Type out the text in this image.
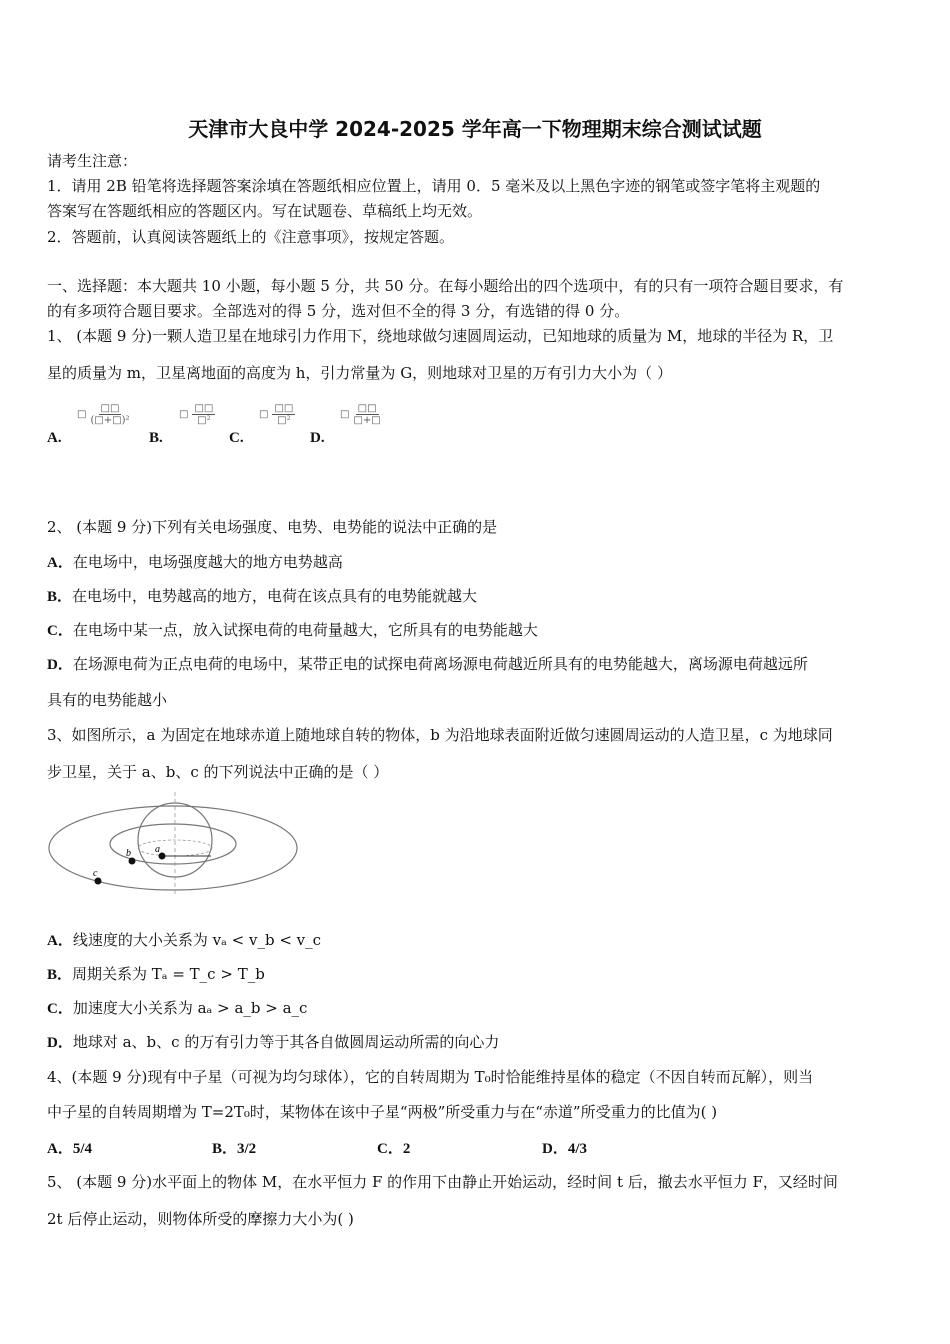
天津市大良中学 2024-2025 学年高一下物理期末综合测试试题
请考生注意：
1．请用 2B 铅笔将选择题答案涂填在答题纸相应位置上，请用 0．5 毫米及以上黑色字迹的钢笔或签字笔将主观题的
答案写在答题纸相应的答题区内。写在试题卷、草稿纸上均无效。
2．答题前，认真阅读答题纸上的《注意事项》，按规定答题。
一、选择题：本大题共 10 小题，每小题 5 分，共 50 分。在每小题给出的四个选项中，有的只有一项符合题目要求，有
的有多项符合题目要求。全部选对的得 5 分，选对但不全的得 3 分，有选错的得 0 分。
1、 (本题 9 分)一颗人造卫星在地球引力作用下，绕地球做匀速圆周运动，已知地球的质量为 M，地球的半径为 R，卫
星的质量为 m，卫星离地面的高度为 h，引力常量为 G，则地球对卫星的万有引力大小为（ ）
A.
□
□□
(□+□)²
B.
□
□□
□²
C.
□
□□
□²
D.
□
□□
□+□
2、 (本题 9 分)下列有关电场强度、电势、电势能的说法中正确的是
A．在电场中，电场强度越大的地方电势越高
B．在电场中，电势越高的地方，电荷在该点具有的电势能就越大
C．在电场中某一点，放入试探电荷的电荷量越大，它所具有的电势能越大
D．在场源电荷为正点电荷的电场中，某带正电的试探电荷离场源电荷越近所具有的电势能越大，离场源电荷越远所
具有的电势能越小
3、如图所示，a 为固定在地球赤道上随地球自转的物体，b 为沿地球表面附近做匀速圆周运动的人造卫星，c 为地球同
步卫星，关于 a、b、c 的下列说法中正确的是（ ）
a
b
c
A．线速度的大小关系为 vₐ < v_b < v_c
B．周期关系为 Tₐ = T_c > T_b
C．加速度大小关系为 aₐ > a_b > a_c
D．地球对 a、b、c 的万有引力等于其各自做圆周运动所需的向心力
4、(本题 9 分)现有中子星（可视为均匀球体），它的自转周期为 T₀时恰能维持星体的稳定（不因自转而瓦解），则当
中子星的自转周期增为 T=2T₀时，某物体在该中子星“两极”所受重力与在“赤道”所受重力的比值为( )
A．5/4	B．3/2	C．2	D．4/3
5、 (本题 9 分)水平面上的物体 M，在水平恒力 F 的作用下由静止开始运动，经时间 t 后，撤去水平恒力 F，又经时间
2t 后停止运动，则物体所受的摩擦力大小为( )
